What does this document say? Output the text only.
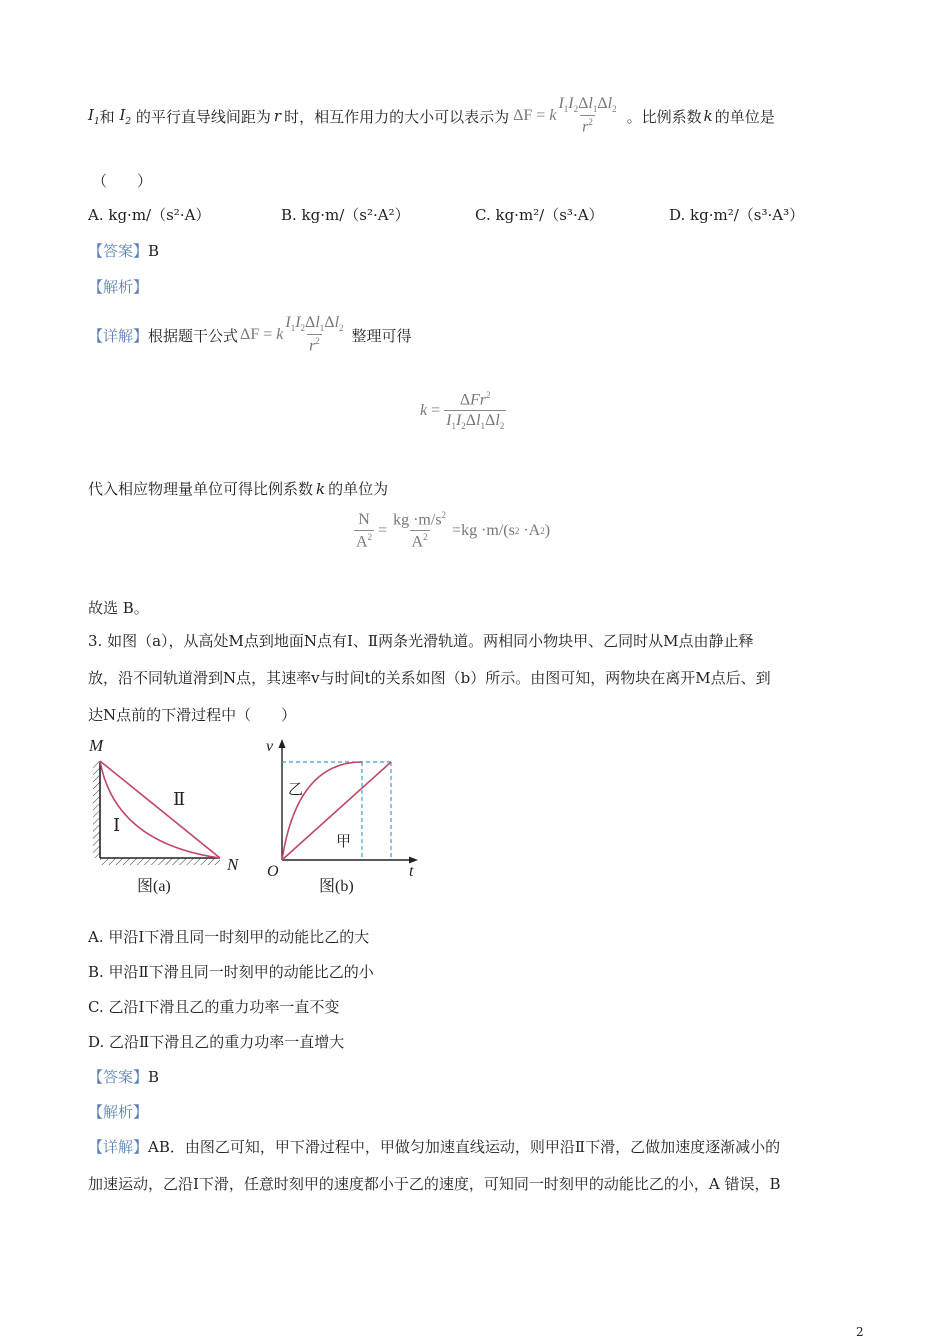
$I_1$ 和 $I_2$ 的平行直导线间距为 r 时，相互作用力的大小可以表示为 ΔF = k $\frac{I_1I_2\Delta l_1\Delta l_2}{r^2}$ 。比例系数 k 的单位是
（　　）
A. kg·m/（s²·A）	B. kg·m/（s²·A²）	C. kg·m²/（s³·A）	D. kg·m²/（s³·A³）
【答案】B
【解析】
【详解】 根据题干公式 ΔF = k $\frac{I_1I_2\Delta l_1\Delta l_2}{r^2}$ 整理可得
$k = \frac{\Delta Fr^2}{I_1I_2\Delta l_1\Delta l_2}$
代入相应物理量单位可得比例系数 k 的单位为
$\frac{N}{A^2} = \frac{kg \cdot m/s^2}{A^2} =kg \cdot m/(s$ 2 ·A 2 )
故选 B。
3. 如图（a），从高处M点到地面N点有Ⅰ、Ⅱ两条光滑轨道。两相同小物块甲、乙同时从M点由静止释
放，沿不同轨道滑到N点，其速率v与时间t的关系如图（b）所示。由图可知，两物块在离开M点后、到
达N点前的下滑过程中（　　）
M
N
Ⅰ
Ⅱ
图(a)
v
t
O
乙
甲
图(b)
A. 甲沿Ⅰ下滑且同一时刻甲的动能比乙的大
B. 甲沿Ⅱ下滑且同一时刻甲的动能比乙的小
C. 乙沿Ⅰ下滑且乙的重力功率一直不变
D. 乙沿Ⅱ下滑且乙的重力功率一直增大
【答案】B
【解析】
【详解】AB．由图乙可知，甲下滑过程中，甲做匀加速直线运动，则甲沿Ⅱ下滑，乙做加速度逐渐减小的
加速运动，乙沿Ⅰ下滑，任意时刻甲的速度都小于乙的速度，可知同一时刻甲的动能比乙的小，A 错误，B
2
